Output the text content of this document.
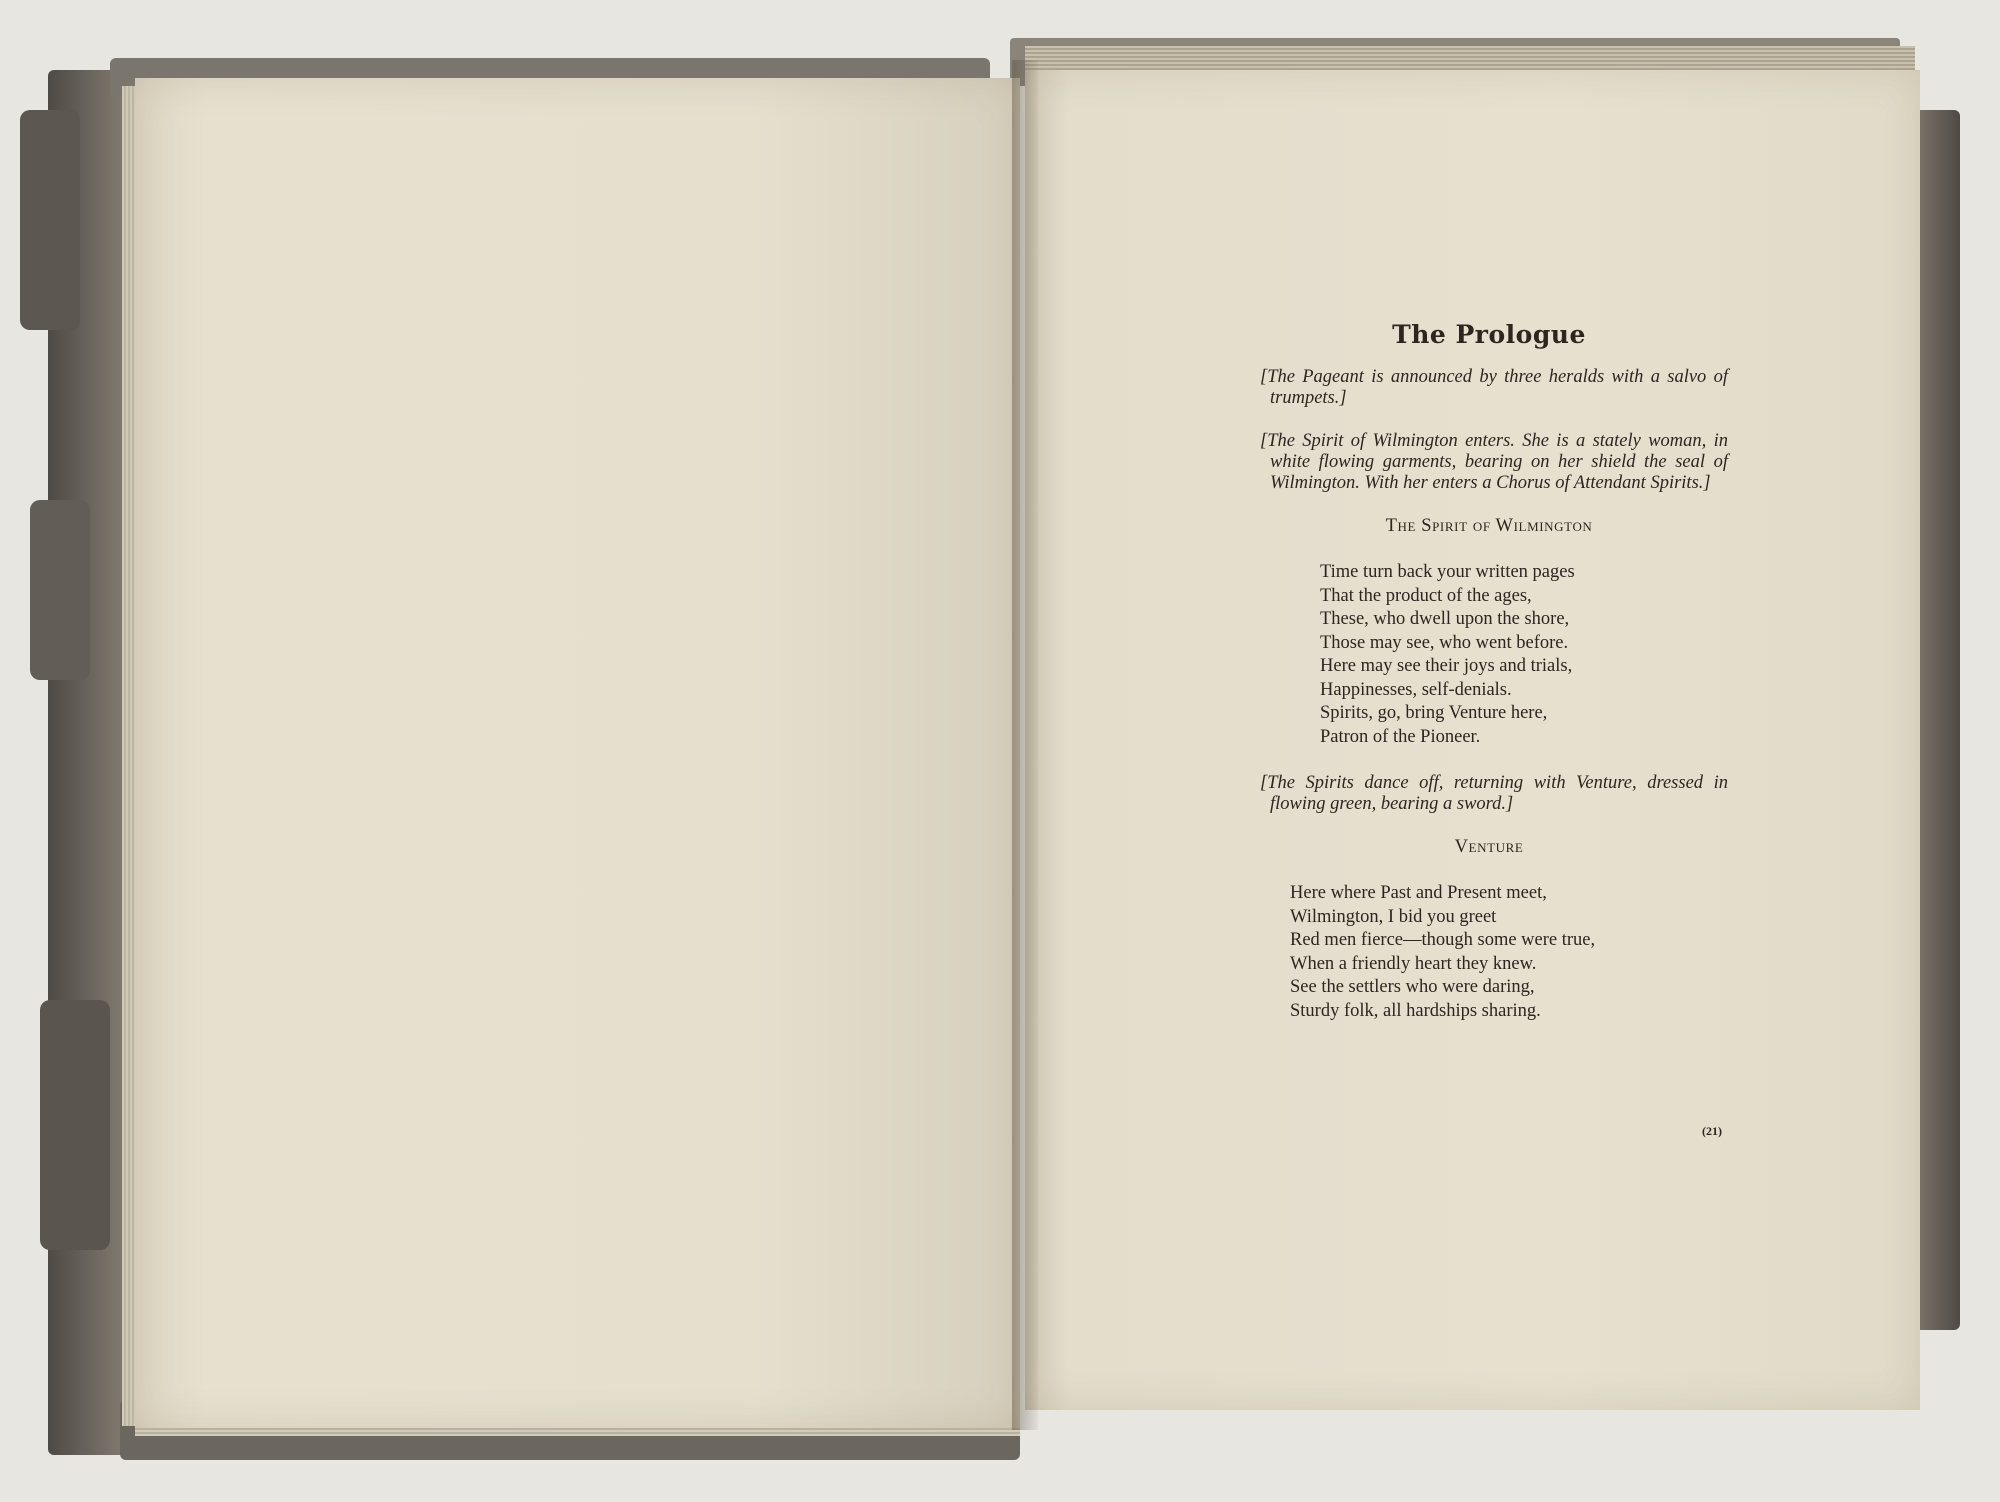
The Prologue

[The Pageant is announced by three heralds with a salvo of trumpets.]

[The Spirit of Wilmington enters. She is a stately woman, in white flowing garments, bearing on her shield the seal of Wilmington. With her enters a Chorus of Attendant Spirits.]

The Spirit of Wilmington
Time turn back your written pages
That the product of the ages,
These, who dwell upon the shore,
Those may see, who went before.
Here may see their joys and trials,
Happinesses, self-denials.
Spirits, go, bring Venture here,
Patron of the Pioneer.

[The Spirits dance off, returning with Venture, dressed in flowing green, bearing a sword.]

Venture
Here where Past and Present meet,
Wilmington, I bid you greet
Red men fierce—though some were true,
When a friendly heart they knew.
See the settlers who were daring,
Sturdy folk, all hardships sharing.
(21)
